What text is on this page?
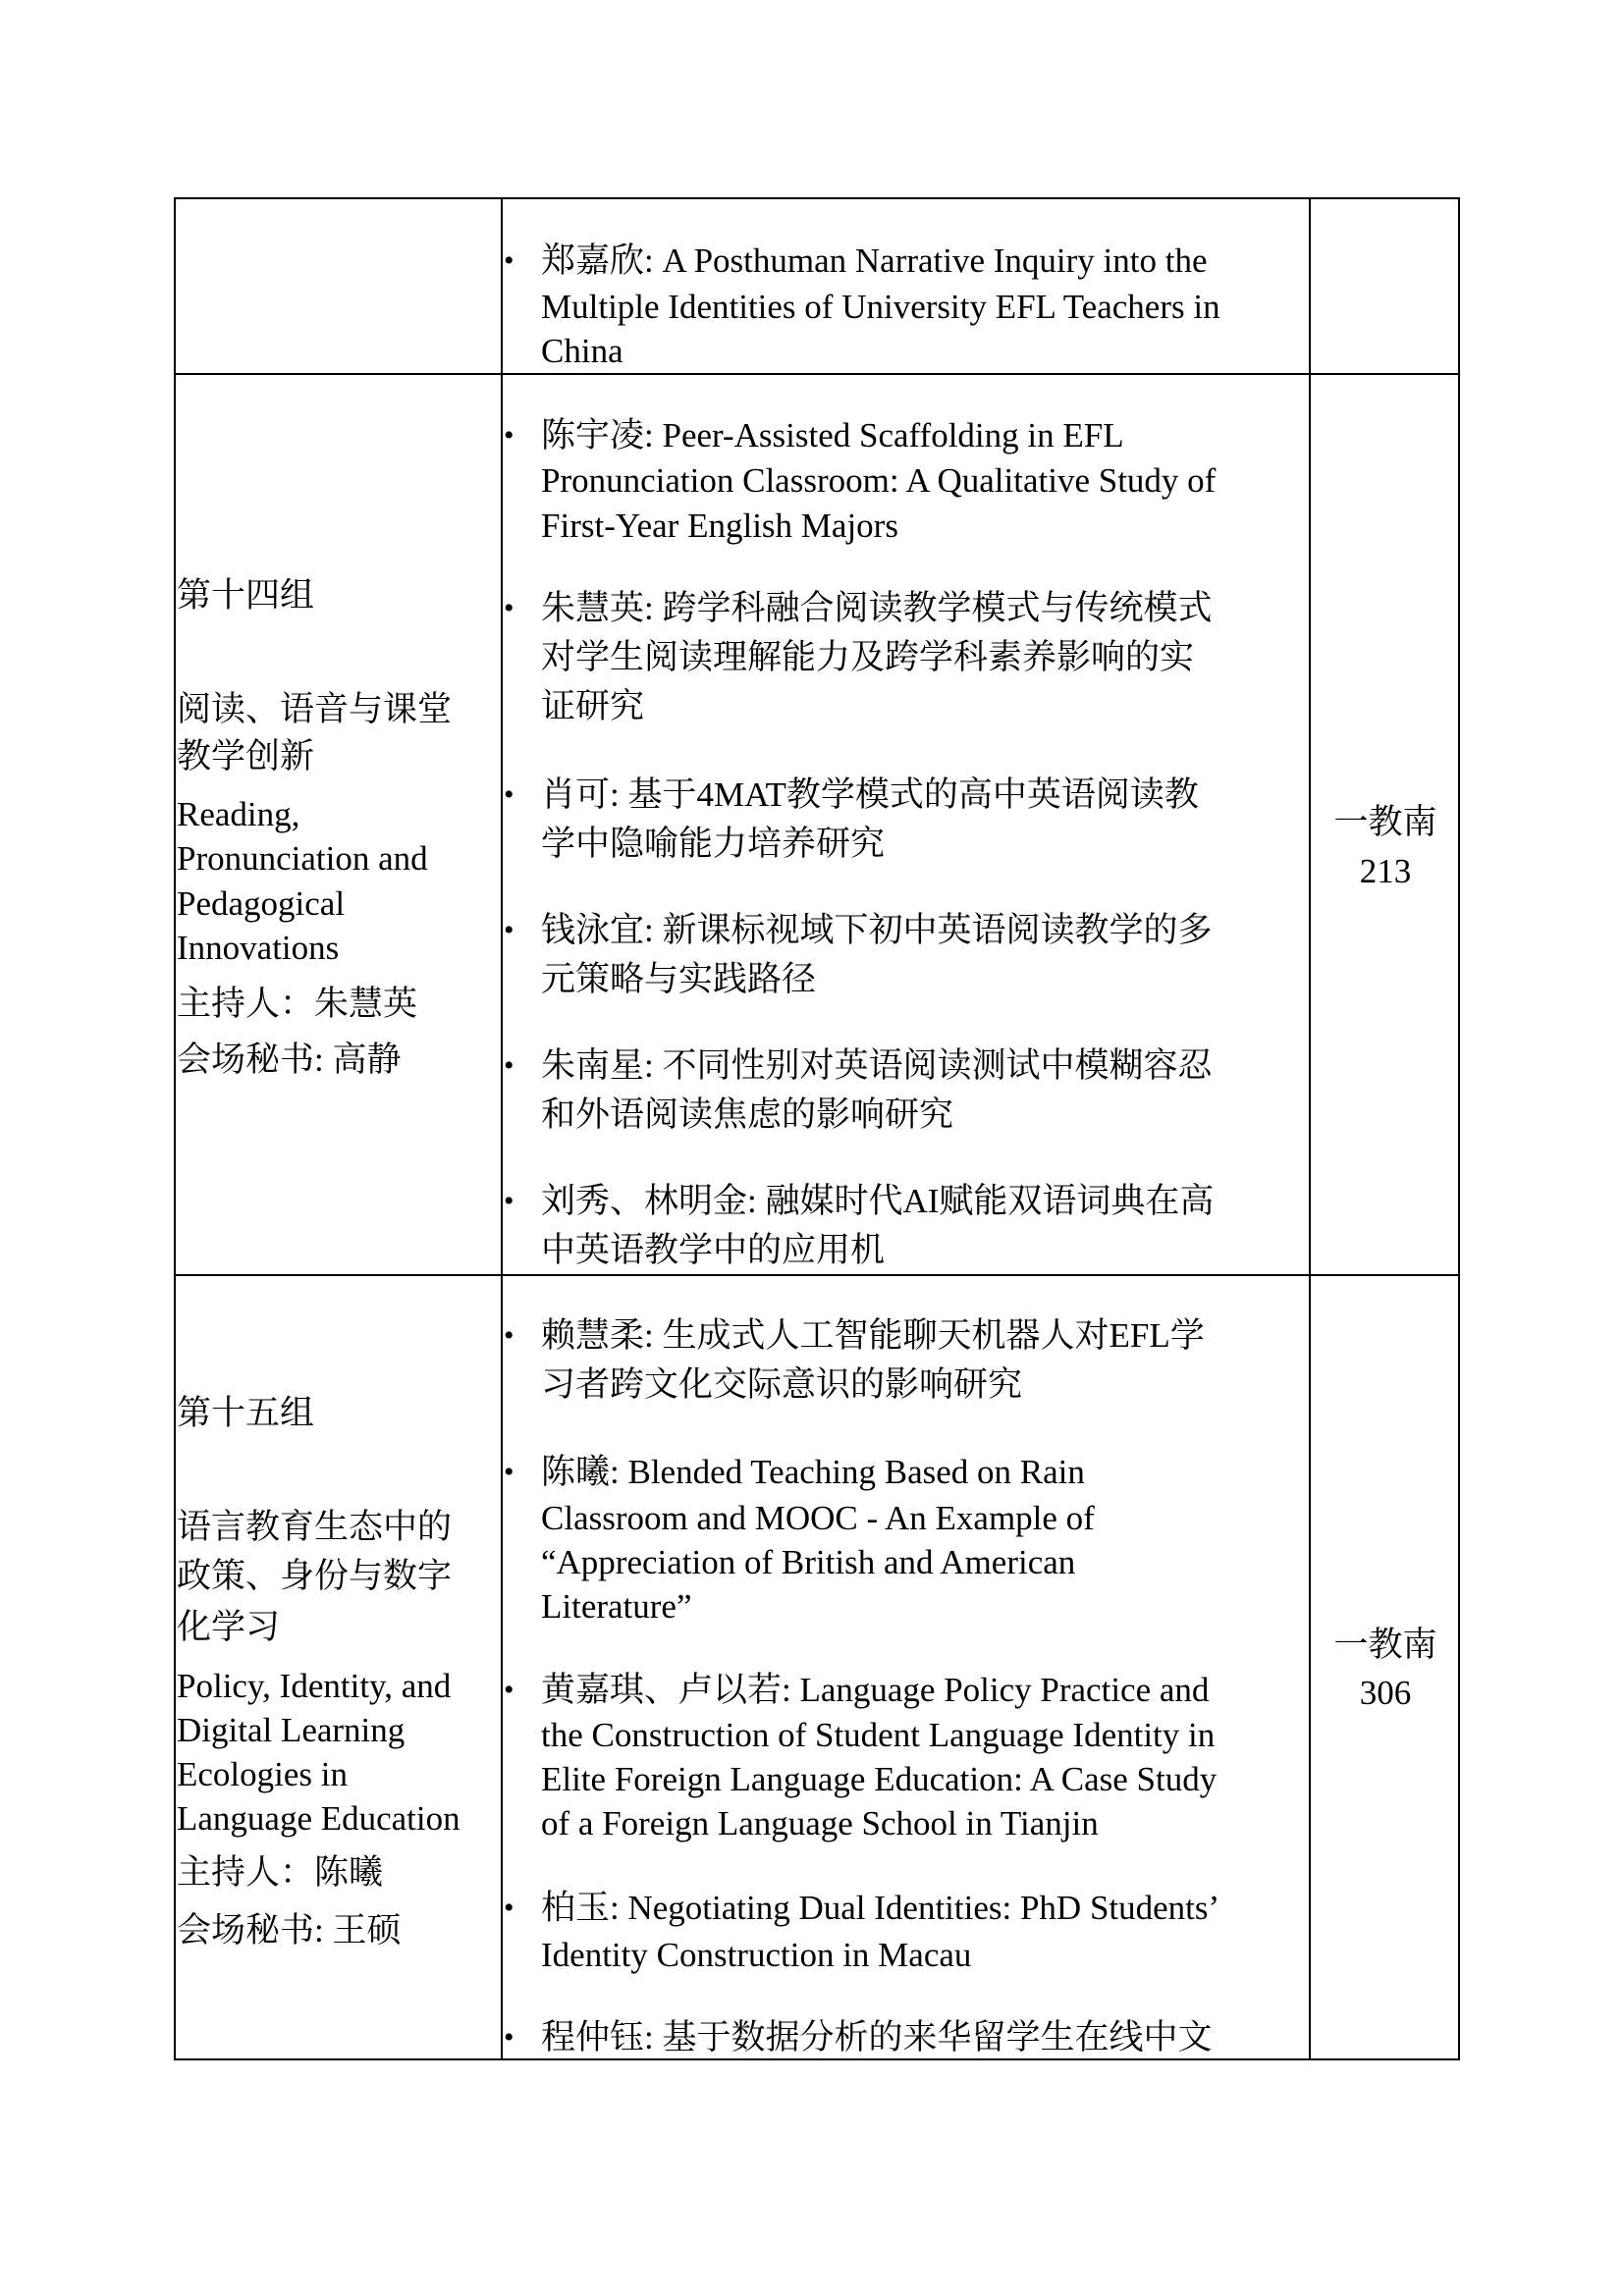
• 郑嘉欣: A Posthuman Narrative Inquiry into the
Multiple Identities of University EFL Teachers in
China
第十四组
阅读、语音与课堂
教学创新
Reading,
Pronunciation and
Pedagogical
Innovations
主持人：朱慧英
会场秘书: 高静
一教南
213
• 陈宇凌: Peer-Assisted Scaffolding in EFL
Pronunciation Classroom: A Qualitative Study of
First-Year English Majors
• 朱慧英: 跨学科融合阅读教学模式与传统模式
对学生阅读理解能力及跨学科素养影响的实
证研究
• 肖可: 基于4MAT教学模式的高中英语阅读教
学中隐喻能力培养研究
• 钱泳宜: 新课标视域下初中英语阅读教学的多
元策略与实践路径
• 朱南星: 不同性别对英语阅读测试中模糊容忍
和外语阅读焦虑的影响研究
• 刘秀、林明金: 融媒时代AI赋能双语词典在高
中英语教学中的应用机
第十五组
语言教育生态中的
政策、身份与数字
化学习
Policy, Identity, and
Digital Learning
Ecologies in
Language Education
主持人：陈曦
会场秘书: 王硕
一教南
306
• 赖慧柔: 生成式人工智能聊天机器人对EFL学
习者跨文化交际意识的影响研究
• 陈曦: Blended Teaching Based on Rain
Classroom and MOOC - An Example of
“Appreciation of British and American
Literature”
• 黄嘉琪、卢以若: Language Policy Practice and
the Construction of Student Language Identity in
Elite Foreign Language Education: A Case Study
of a Foreign Language School in Tianjin
• 柏玉: Negotiating Dual Identities: PhD Students’
Identity Construction in Macau
• 程仲钰: 基于数据分析的来华留学生在线中文
